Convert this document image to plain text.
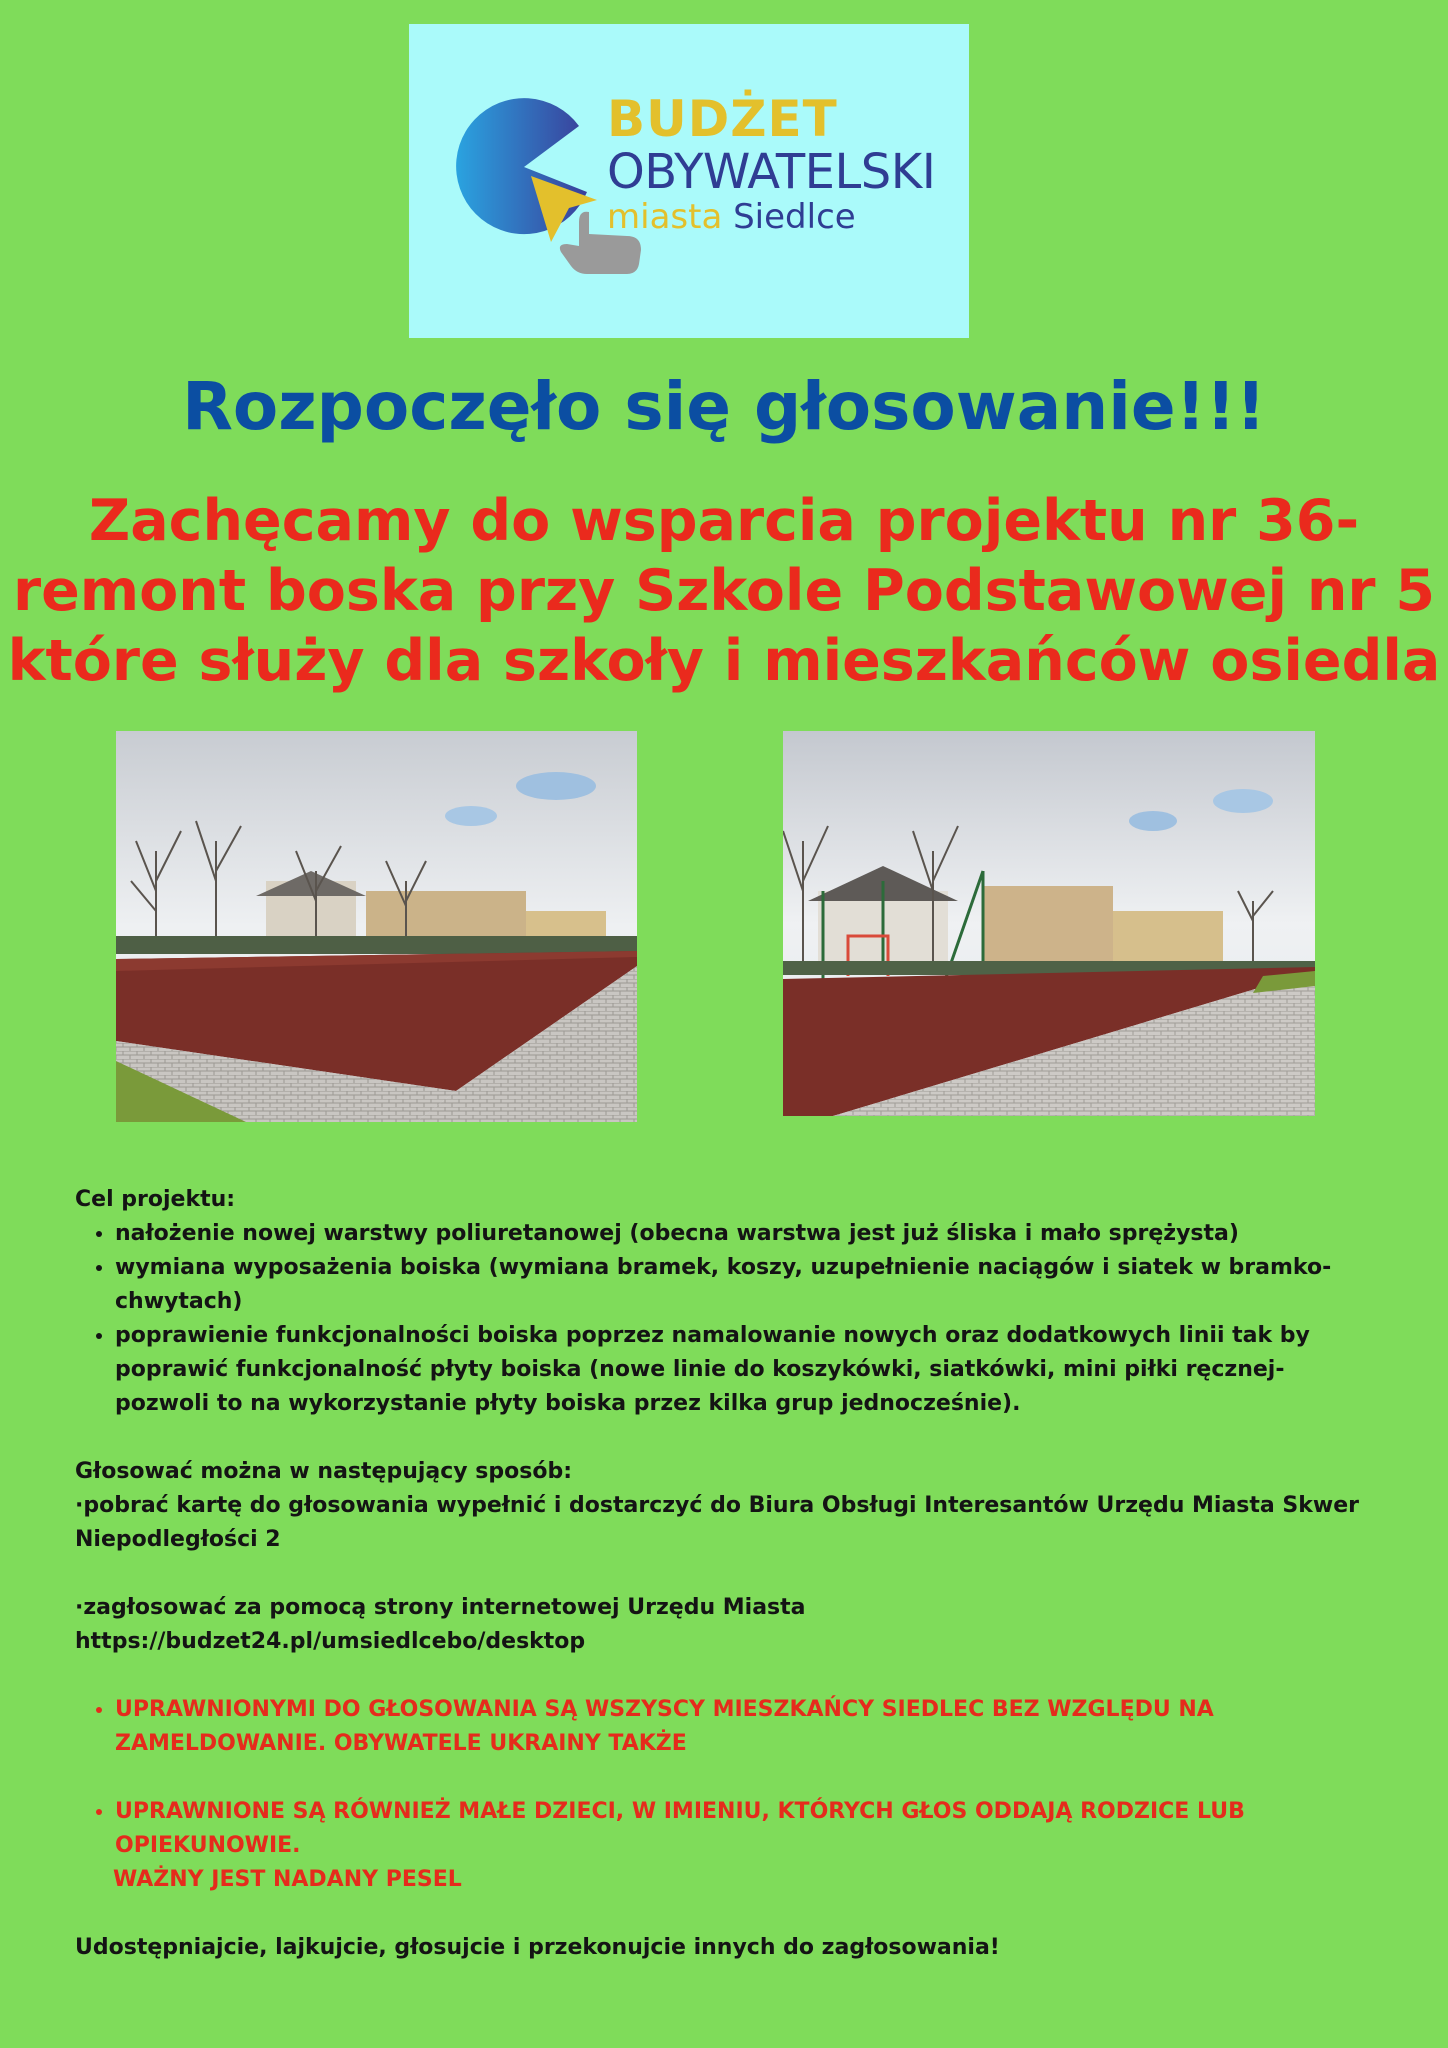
BUDŻET
OBYWATELSKI
miasta Siedlce
Rozpoczęło się głosowanie!!!
Zachęcamy do wsparcia projektu nr 36-
remont boska przy Szkole Podstawowej nr 5
które służy dla szkoły i mieszkańców osiedla

Cel projektu:

• nałożenie nowej warstwy poliuretanowej (obecna warstwa jest już śliska i mało sprężysta)
• wymiana wyposażenia boiska (wymiana bramek, koszy, uzupełnienie naciągów i siatek w bramko- chwytach)
• poprawienie funkcjonalności boiska poprzez namalowanie nowych oraz dodatkowych linii tak by poprawić funkcjonalność płyty boiska (nowe linie do koszykówki, siatkówki, mini piłki ręcznej- pozwoli to na wykorzystanie płyty boiska przez kilka grup jednocześnie).

Głosować można w następujący sposób:

·pobrać kartę do głosowania wypełnić i dostarczyć do Biura Obsługi Interesantów Urzędu Miasta Skwer Niepodległości 2

·zagłosować za pomocą strony internetowej Urzędu Miasta

https://budzet24.pl/umsiedlcebo/desktop

• UPRAWNIONYMI DO GŁOSOWANIA SĄ WSZYSCY MIESZKAŃCY SIEDLEC BEZ WZGLĘDU NA ZAMELDOWANIE. OBYWATELE UKRAINY TAKŻE
• UPRAWNIONE SĄ RÓWNIEŻ MAŁE DZIECI, W IMIENIU, KTÓRYCH GŁOS ODDAJĄ RODZICE LUB OPIEKUNOWIE.

WAŻNY JEST NADANY PESEL

Udostępniajcie, lajkujcie, głosujcie i przekonujcie innych do zagłosowania!
